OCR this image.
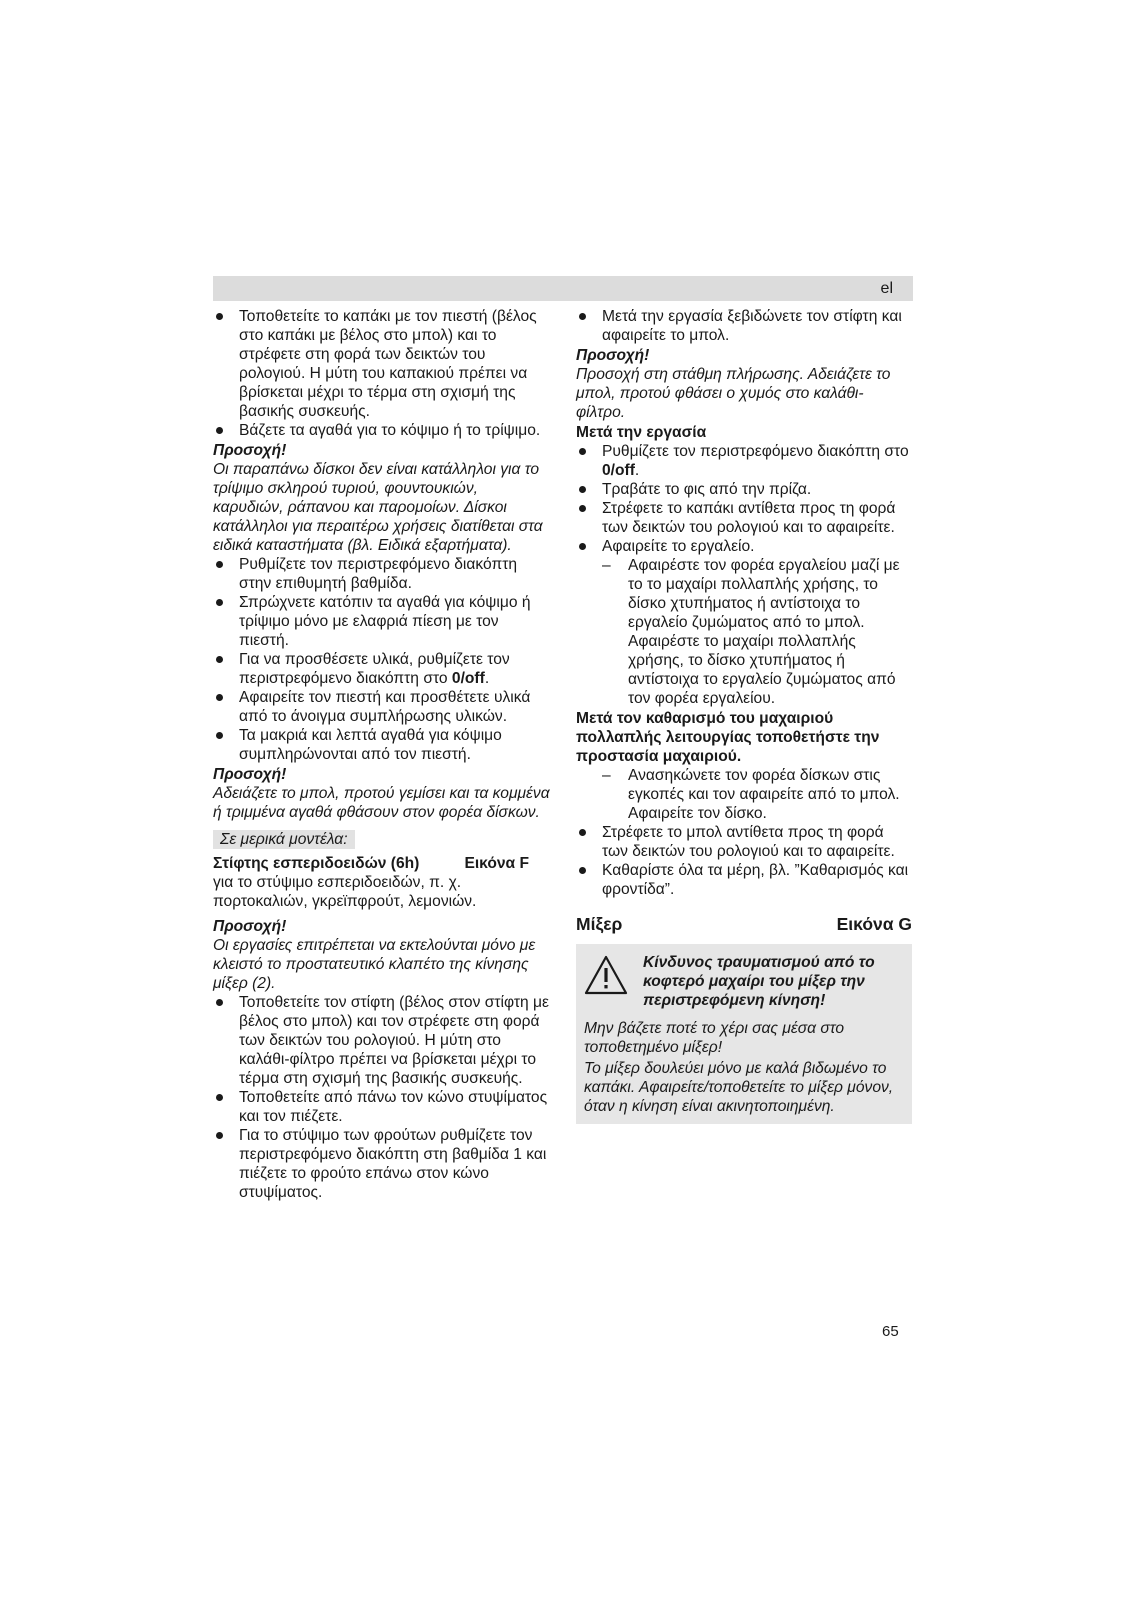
el
Τοποθετείτε το καπάκι με τον πιεστή (βέλος στο καπάκι με βέλος στο μπολ) και το στρέφετε στη φορά των δεικτών του ρολογιού. Η μύτη του καπακιού πρέπει να βρίσκεται μέχρι το τέρμα στη σχισμή της βασικής συσκευής.
Βάζετε τα αγαθά για το κόψιμο ή το τρίψιμο.

Προσοχή!

Οι παραπάνω δίσκοι δεν είναι κατάλληλοι για το τρίψιμο σκληρού τυριού, φουντουκιών, καρυδιών, ράπανου και παρομοίων. Δίσκοι κατάλληλοι για περαιτέρω χρήσεις διατίθεται στα ειδικά καταστήματα (βλ. Ειδικά εξαρτήματα).

Ρυθμίζετε τον περιστρεφόμενο διακόπτη στην επιθυμητή βαθμίδα.
Σπρώχνετε κατόπιν τα αγαθά για κόψιμο ή τρίψιμο μόνο με ελαφριά πίεση με τον πιεστή.
Για να προσθέσετε υλικά, ρυθμίζετε τον περιστρεφόμενο διακόπτη στο 0/off.
Αφαιρείτε τον πιεστή και προσθέτετε υλικά από το άνοιγμα συμπλήρωσης υλικών.
Τα μακριά και λεπτά αγαθά για κόψιμο συμπληρώνονται από τον πιεστή.

Προσοχή!

Αδειάζετε το μπολ, προτού γεμίσει και τα κομμένα ή τριμμένα αγαθά φθάσουν στον φορέα δίσκων.

Σε μερικά μοντέλα:
Στίφτης εσπεριδοειδών (6h)	Εικόνα F

για το στύψιμο εσπεριδοειδών, π. χ. πορτοκαλιών, γκρεϊπφρούτ, λεμονιών.

Προσοχή!

Οι εργασίες επιτρέπεται να εκτελούνται μόνο με κλειστό το προστατευτικό κλαπέτο της κίνησης μίξερ (2).

Τοποθετείτε τον στίφτη (βέλος στον στίφτη με βέλος στο μπολ) και τον στρέφετε στη φορά των δεικτών του ρολογιού. Η μύτη στο καλάθι-φίλτρο πρέπει να βρίσκεται μέχρι το τέρμα στη σχισμή της βασικής συσκευής.
Τοποθετείτε από πάνω τον κώνο στυψίματος και τον πιέζετε.
Για το στύψιμο των φρούτων ρυθμίζετε τον περιστρεφόμενο διακόπτη στη βαθμίδα 1 και πιέζετε το φρούτο επάνω στον κώνο στυψίματος.
Μετά την εργασία ξεβιδώνετε τον στίφτη και αφαιρείτε το μπολ.

Προσοχή!

Προσοχή στη στάθμη πλήρωσης. Αδειάζετε το μπολ, προτού φθάσει ο χυμός στο καλάθι-φίλτρο.

Μετά την εργασία

Ρυθμίζετε τον περιστρεφόμενο διακόπτη στο 0/off.
Τραβάτε το φις από την πρίζα.
Στρέφετε το καπάκι αντίθετα προς τη φορά των δεικτών του ρολογιού και το αφαιρείτε.
Αφαιρείτε το εργαλείο.
– Αφαιρέστε τον φορέα εργαλείου μαζί με το το μαχαίρι πολλαπλής χρήσης, το δίσκο χτυπήματος ή αντίστοιχα το εργαλείο ζυμώματος από το μπολ. Αφαιρέστε το μαχαίρι πολλαπλής χρήσης, το δίσκο χτυπήματος ή αντίστοιχα το εργαλείο ζυμώματος από τον φορέα εργαλείου.

Μετά τον καθαρισμό του μαχαιριού πολλαπλής λειτουργίας τοποθετήστε την προστασία μαχαιριού.

– Ανασηκώνετε τον φορέα δίσκων στις εγκοπές και τον αφαιρείτε από το μπολ. Αφαιρείτε τον δίσκο.
Στρέφετε το μπολ αντίθετα προς τη φορά των δεικτών του ρολογιού και το αφαιρείτε.
Καθαρίστε όλα τα μέρη, βλ. ”Καθαρισμός και φροντίδα”.
Μίξερ	Εικόνα G

Κίνδυνος τραυματισμού από το κοφτερό μαχαίρι του μίξερ την περιστρεφόμενη κίνηση!

Μην βάζετε ποτέ το χέρι σας μέσα στο τοποθετημένο μίξερ!

Το μίξερ δουλεύει μόνο με καλά βιδωμένο το καπάκι. Αφαιρείτε/τοποθετείτε το μίξερ μόνον, όταν η κίνηση είναι ακινητοποιημένη.

65
